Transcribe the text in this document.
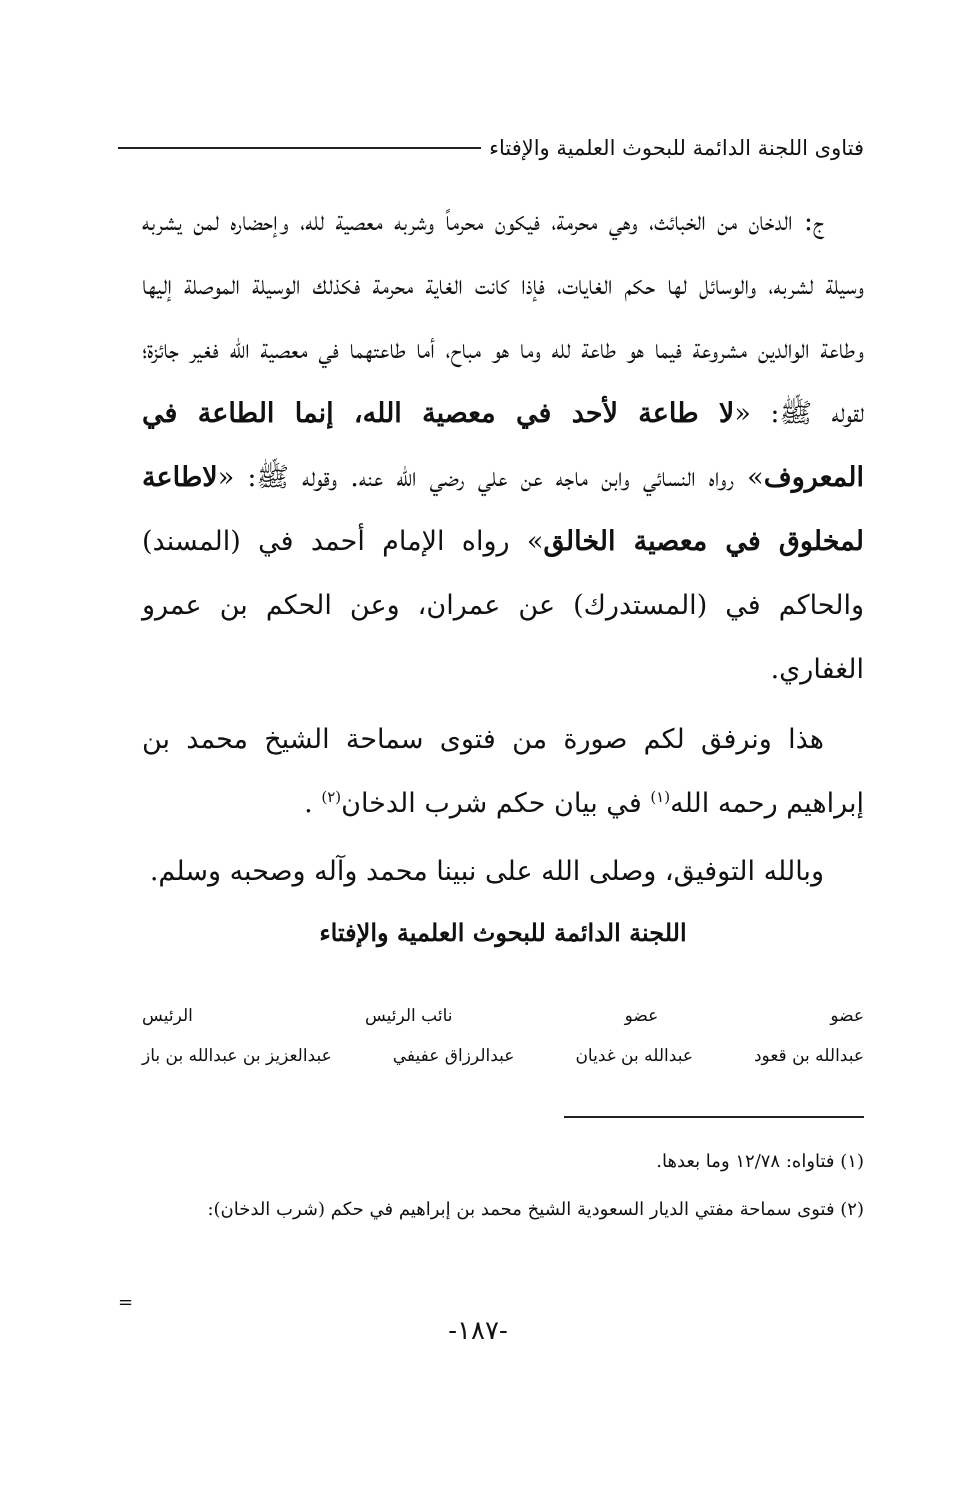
فتاوى اللجنة الدائمة للبحوث العلمية والإفتاء

ج: الدخان من الخبائث، وهي محرمة، فيكون محرماً وشربه معصية لله، وإحضاره لمن يشربه وسيلة لشربه، والوسائل لها حكم الغايات، فإذا كانت الغاية محرمة فكذلك الوسيلة الموصلة إليها وطاعة الوالدين مشروعة فيما هو طاعة لله وما هو مباح، أما طاعتهما في معصية الله فغير جائزة؛ لقوله ﷺ: «لا طاعة لأحد في معصية الله، إنما الطاعة في المعروف» رواه النسائي وابن ماجه عن علي رضي الله عنه. وقوله ﷺ: «لاطاعة لمخلوق في معصية الخالق» رواه الإمام أحمد في (المسند) والحاكم في (المستدرك) عن عمران، وعن الحكم بن عمرو الغفاري.

هذا ونرفق لكم صورة من فتوى سماحة الشيخ محمد بن إبراهيم رحمه الله$^{(١)}$ في بيان حكم شرب الدخان$^{(٢)}$ .

وبالله التوفيق، وصلى الله على نبينا محمد وآله وصحبه وسلم.

اللجنة الدائمة للبحوث العلمية والإفتاء
عضو
عضو
نائب الرئيس
الرئيس
عبدالله بن قعود
عبدالله بن غديان
عبدالرزاق عفيفي
عبدالعزيز بن عبدالله بن باز
(١) فتاواه: ١٢/٧٨ وما بعدها.
(٢) فتوى سماحة مفتي الديار السعودية الشيخ محمد بن إبراهيم في حكم (شرب الدخان):
=
-١٨٧-
